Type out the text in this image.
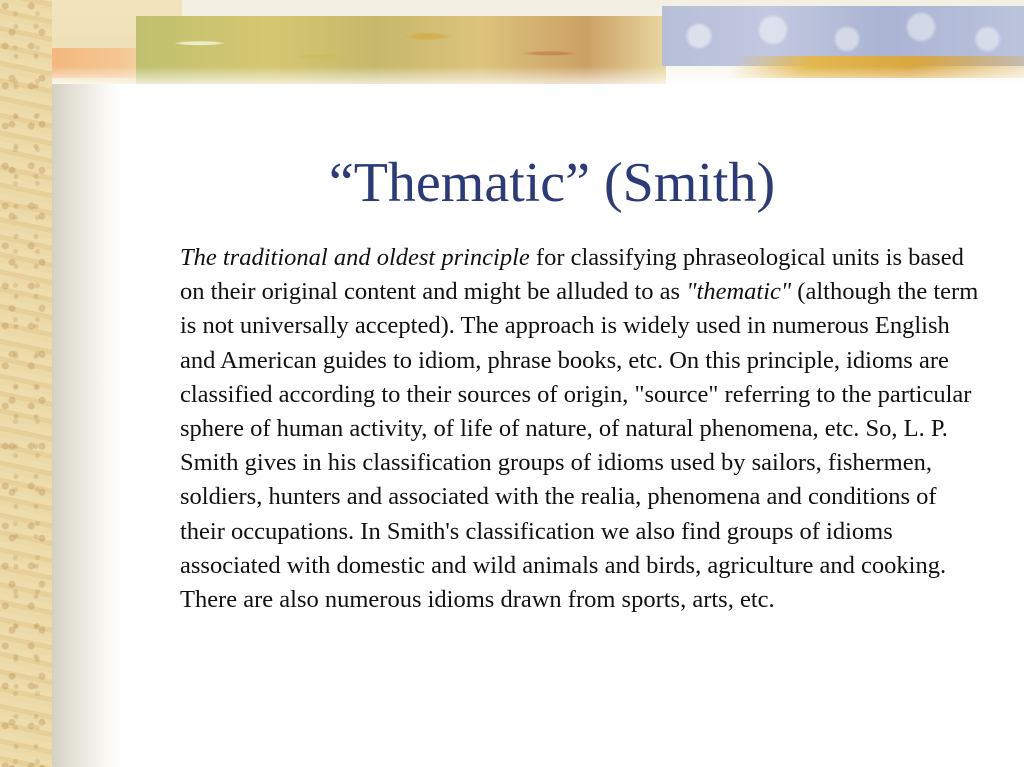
“Thematic” (Smith)

The traditional and oldest principle for classifying phraseological units is based on their original content and might be alluded to as "thematic" (although the term is not universally accepted). The approach is widely used in numerous English and American guides to idiom, phrase books, etc. On this principle, idioms are classified according to their sources of origin, "source" referring to the particular sphere of human activity, of life of nature, of natural phenomena, etc. So, L. P. Smith gives in his classification groups of idioms used by sailors, fishermen, soldiers, hunters and associated with the realia, phenomena and conditions of their occupations. In Smith's classification we also find groups of idioms associated with domestic and wild animals and birds, agriculture and cooking. There are also numerous idioms drawn from sports, arts, etc.
